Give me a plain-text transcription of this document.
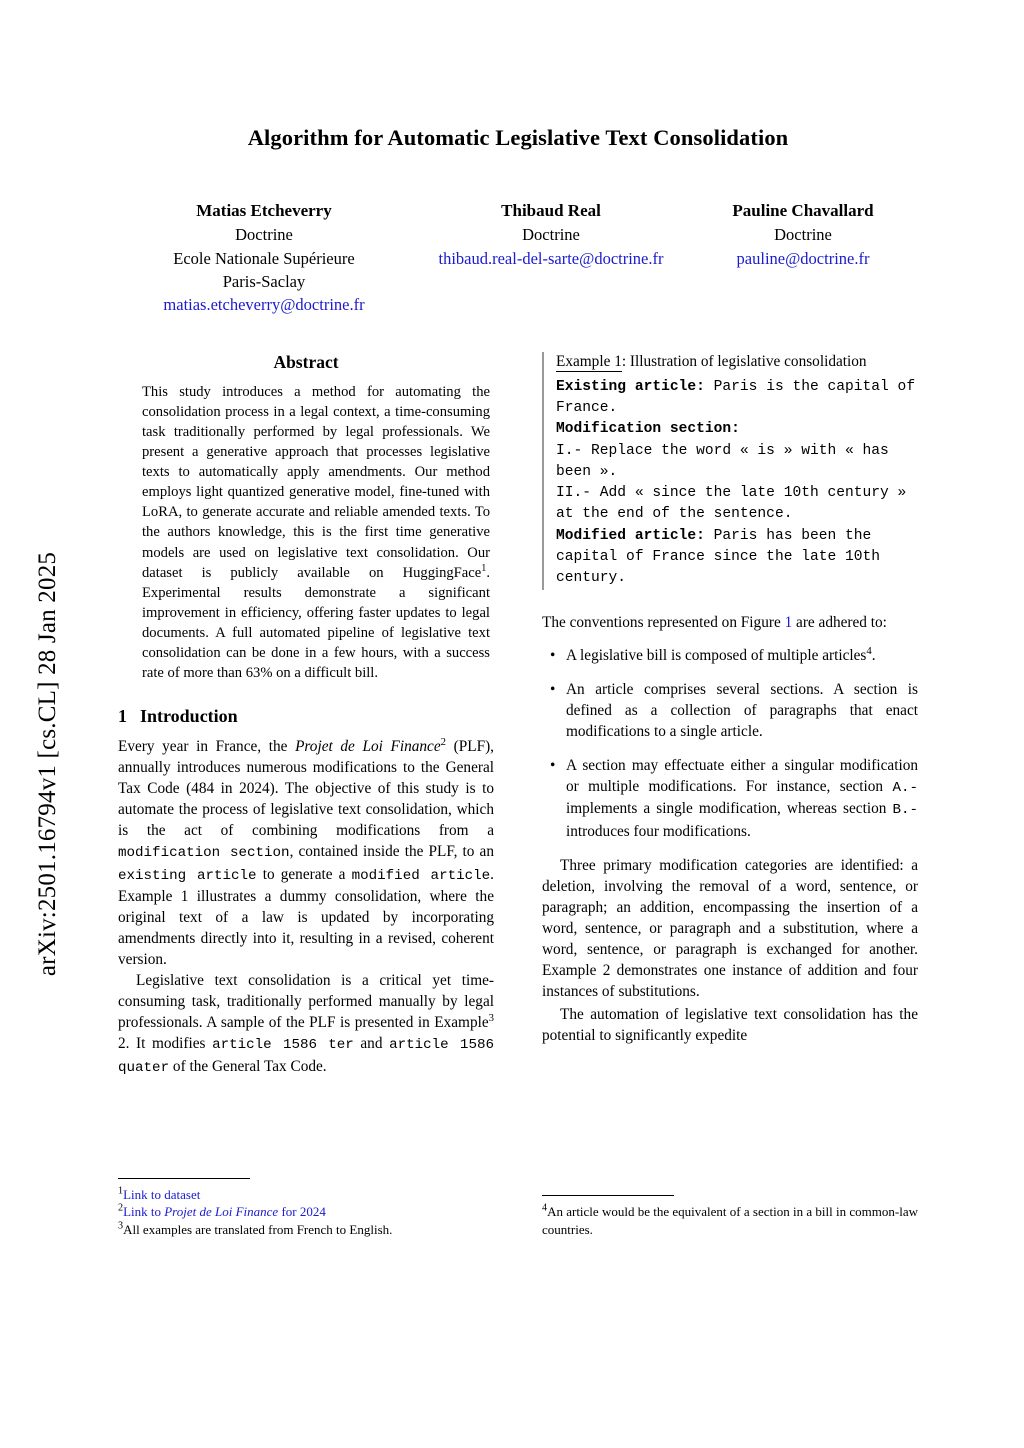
arXiv:2501.16794v1 [cs.CL] 28 Jan 2025
Algorithm for Automatic Legislative Text Consolidation
Matias Etcheverry
Doctrine
Ecole Nationale Supérieure
Paris-Saclay
matias.etcheverry@doctrine.fr
Thibaud Real
Doctrine
thibaud.real-del-sarte@doctrine.fr
Pauline Chavallard
Doctrine
pauline@doctrine.fr
Abstract

This study introduces a method for automating the consolidation process in a legal context, a time-consuming task traditionally performed by legal professionals. We present a generative approach that processes legislative texts to automatically apply amendments. Our method employs light quantized generative model, fine-tuned with LoRA, to generate accurate and reliable amended texts. To the authors knowledge, this is the first time generative models are used on legislative text consolidation. Our dataset is publicly available on HuggingFace$^1$. Experimental results demonstrate a significant improvement in efficiency, offering faster updates to legal documents. A full automated pipeline of legislative text consolidation can be done in a few hours, with a success rate of more than 63% on a difficult bill.

1 Introduction

Every year in France, the Projet de Loi Finance$^2$ (PLF), annually introduces numerous modifications to the General Tax Code (484 in 2024). The objective of this study is to automate the process of legislative text consolidation, which is the act of combining modifications from a modification section, contained inside the PLF, to an existing article to generate a modified article. Example 1 illustrates a dummy consolidation, where the original text of a law is updated by incorporating amendments directly into it, resulting in a revised, coherent version.

Legislative text consolidation is a critical yet time-consuming task, traditionally performed manually by legal professionals. A sample of the PLF is presented in Example$^3$ 2. It modifies article 1586 ter and article 1586 quater of the General Tax Code.

$^1$Link to dataset
$^2$Link to Projet de Loi Finance for 2024
$^3$All examples are translated from French to English.
Example 1: Illustration of legislative consolidation
Existing article: Paris is the capital of France.
Modification section:
I.- Replace the word « is » with « has been ».
II.- Add « since the late 10th century » at the end of the sentence.
Modified article: Paris has been the capital of France since the late 10th century.

The conventions represented on Figure 1 are adhered to:

• A legislative bill is composed of multiple articles$^4$.
• An article comprises several sections. A section is defined as a collection of paragraphs that enact modifications to a single article.
• A section may effectuate either a singular modification or multiple modifications. For instance, section A.- implements a single modification, whereas section B.- introduces four modifications.

Three primary modification categories are identified: a deletion, involving the removal of a word, sentence, or paragraph; an addition, encompassing the insertion of a word, sentence, or paragraph and a substitution, where a word, sentence, or paragraph is exchanged for another. Example 2 demonstrates one instance of addition and four instances of substitutions.

The automation of legislative text consolidation has the potential to significantly expedite

$^4$An article would be the equivalent of a section in a bill in common-law countries.
